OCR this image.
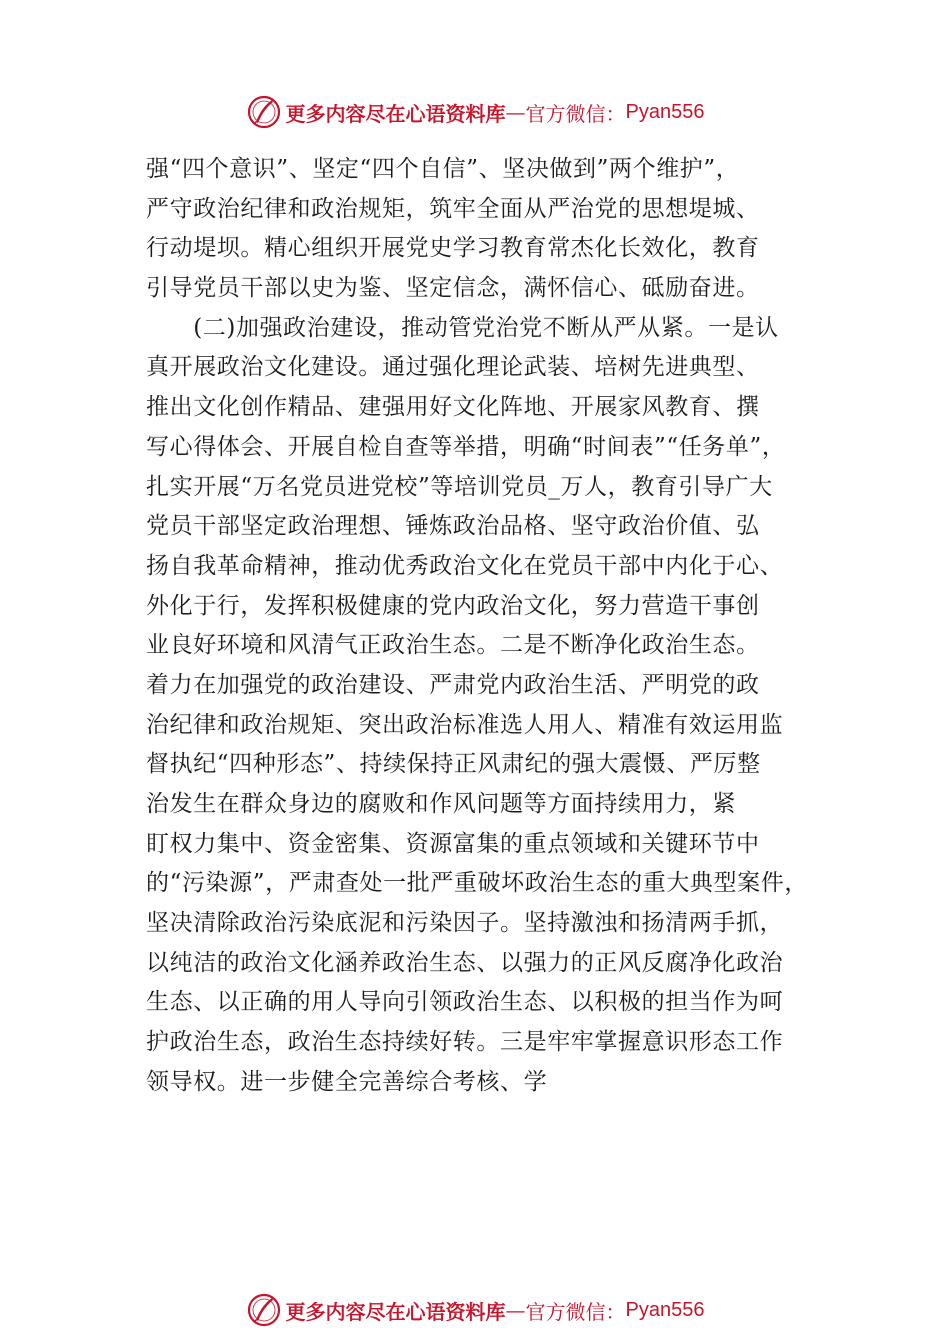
更多内容尽在心语资料库 — 官方微信： Pyan556
强“四个意识”、坚定“四个自信”、坚决做到”两个维护”，
严守政治纪律和政治规矩，筑牢全面从严治党的思想堤城、
行动堤坝。精心组织开展党史学习教育常杰化长效化，教育
引导党员干部以史为鉴、坚定信念，满怀信心、砥励奋进。
　　(二)加强政治建设，推动管党治党不断从严从紧。一是认
真开展政治文化建设。通过强化理论武装、培树先进典型、
推出文化创作精品、建强用好文化阵地、开展家风教育、撰
写心得体会、开展自检自查等举措，明确“时间表”“任务单”，
扎实开展“万名党员进党校”等培训党员_万人，教育引导广大
党员干部坚定政治理想、锤炼政治品格、坚守政治价值、弘
扬自我革命精神，推动优秀政治文化在党员干部中内化于心、
外化于行，发挥积极健康的党内政治文化，努力营造干事创
业良好环境和风清气正政治生态。二是不断净化政治生态。
着力在加强党的政治建设、严肃党内政治生活、严明党的政
治纪律和政治规矩、突出政治标准选人用人、精准有效运用监
督执纪“四种形态”、持续保持正风肃纪的强大震慑、严厉整
治发生在群众身边的腐败和作风问题等方面持续用力，紧
盯权力集中、资金密集、资源富集的重点领域和关键环节中
的“污染源”，严肃查处一批严重破坏政治生态的重大典型案件，
坚决清除政治污染底泥和污染因子。坚持激浊和扬清两手抓，
以纯洁的政治文化涵养政治生态、以强力的正风反腐净化政治
生态、以正确的用人导向引领政治生态、以积极的担当作为呵
护政治生态，政治生态持续好转。三是牢牢掌握意识形态工作
领导权。进一步健全完善综合考核、学
更多内容尽在心语资料库 — 官方微信： Pyan556
